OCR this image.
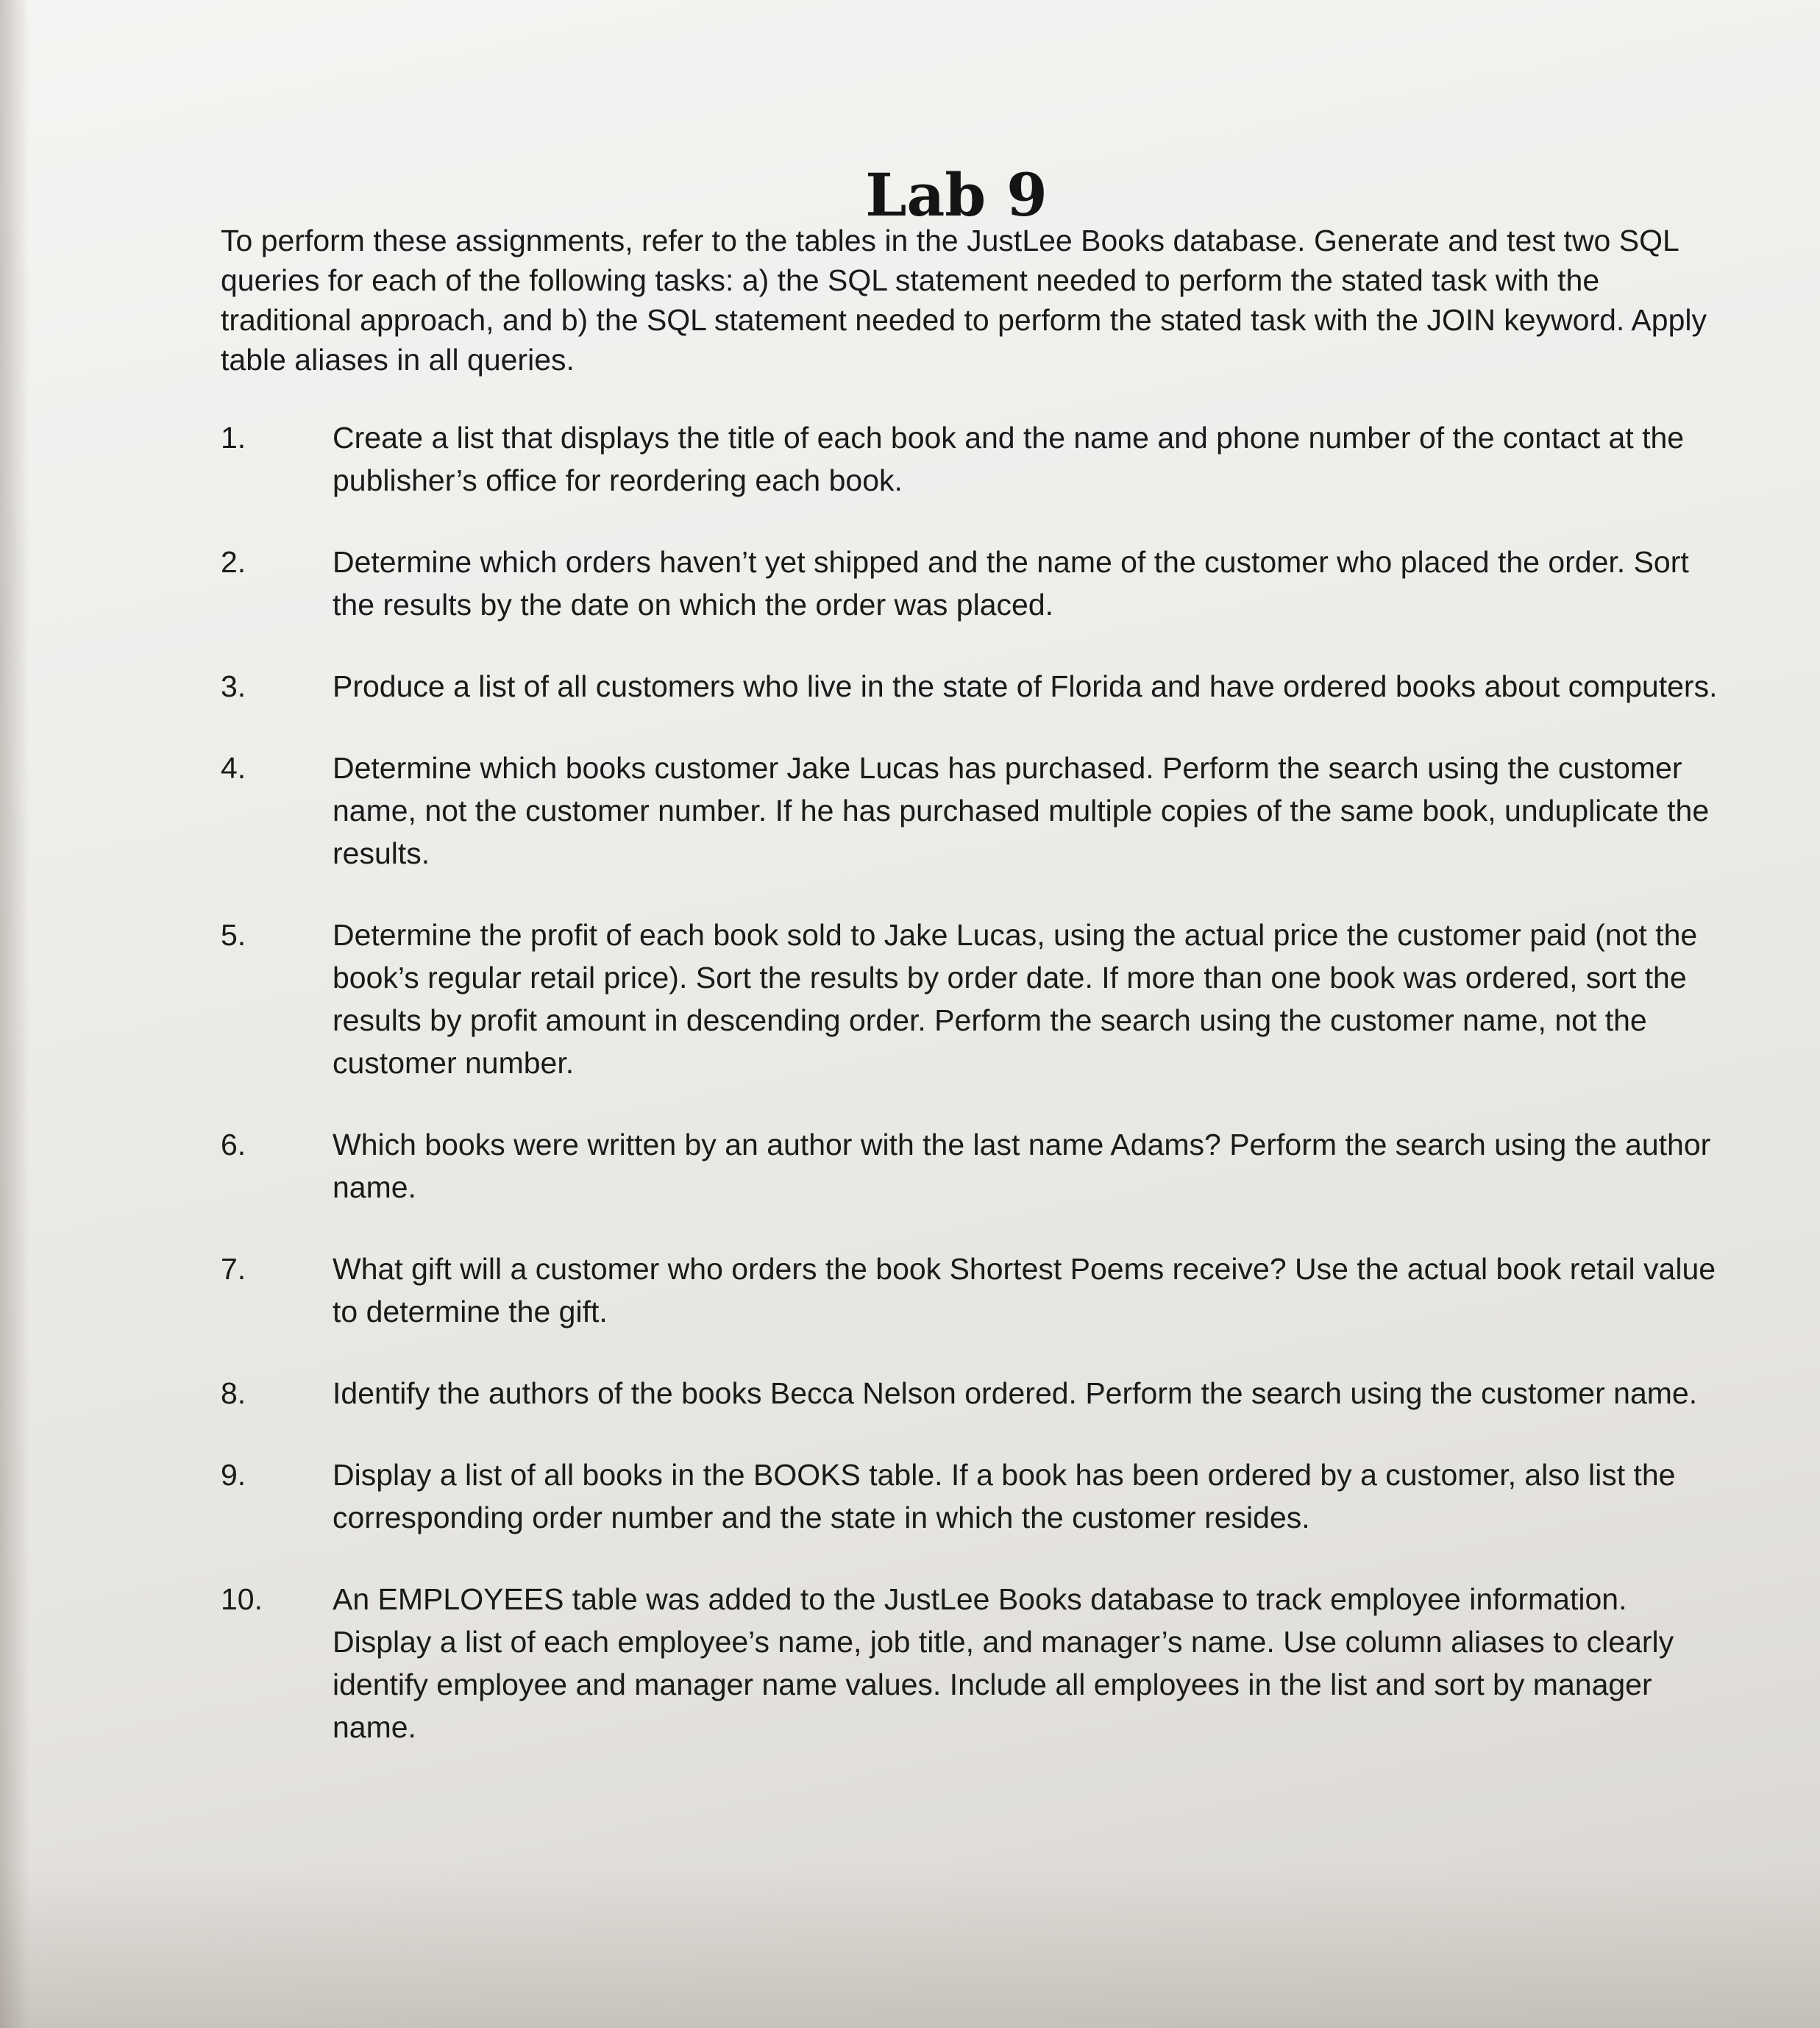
Lab 9

To perform these assignments, refer to the tables in the JustLee Books database. Generate and test two SQL queries for each of the following tasks: a) the SQL statement needed to perform the stated task with the traditional approach, and b) the SQL statement needed to perform the stated task with the JOIN keyword. Apply table aliases in all queries.

1.	Create a list that displays the title of each book and the name and phone number of the contact at the publisher’s office for reordering each book.
2.	Determine which orders haven’t yet shipped and the name of the customer who placed the order. Sort the results by the date on which the order was placed.
3.	Produce a list of all customers who live in the state of Florida and have ordered books about computers.
4.	Determine which books customer Jake Lucas has purchased. Perform the search using the customer name, not the customer number. If he has purchased multiple copies of the same book, unduplicate the results.
5.	Determine the profit of each book sold to Jake Lucas, using the actual price the customer paid (not the book’s regular retail price). Sort the results by order date. If more than one book was ordered, sort the results by profit amount in descending order. Perform the search using the customer name, not the customer number.
6.	Which books were written by an author with the last name Adams? Perform the search using the author name.
7.	What gift will a customer who orders the book Shortest Poems receive? Use the actual book retail value to determine the gift.
8.	Identify the authors of the books Becca Nelson ordered. Perform the search using the customer name.
9.	Display a list of all books in the BOOKS table. If a book has been ordered by a customer, also list the corresponding order number and the state in which the customer resides.
10.	An EMPLOYEES table was added to the JustLee Books database to track employee information. Display a list of each employee’s name, job title, and manager’s name. Use column aliases to clearly identify employee and manager name values. Include all employees in the list and sort by manager name.
